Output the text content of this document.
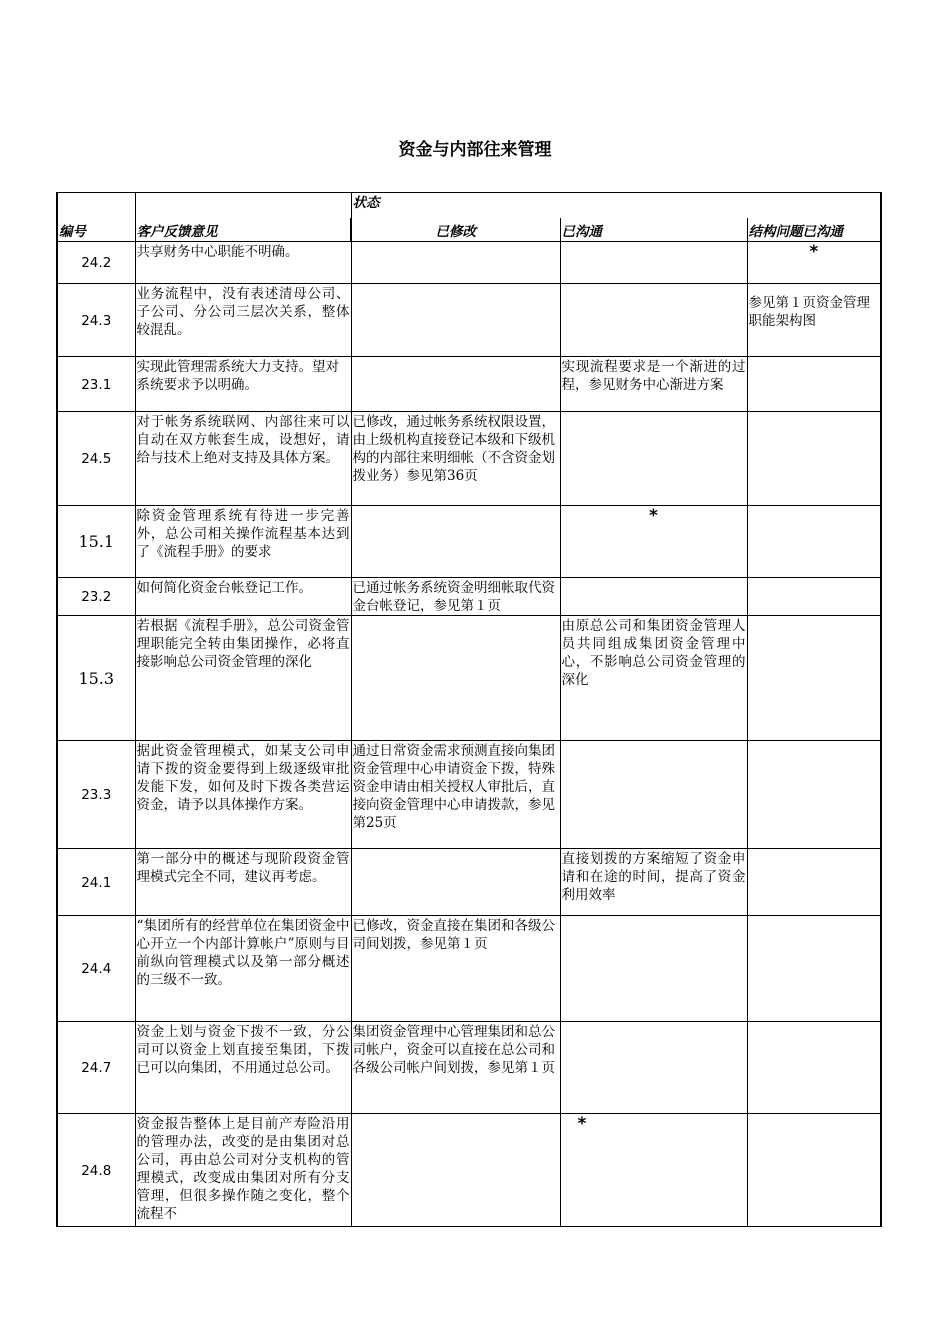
资金与内部往来管理
编号	客户反馈意见	状态		
		已修改	已沟通	结构问题已沟通
24.2	共享财务中心职能不明确。			*

24.3	业务流程中，没有表述清母公司、子公司、分公司三层次关系，整体较混乱。			参见第１页资金管理职能架构图
23.1	实现此管理需系统大力支持。望对系统要求予以明确。		实现流程要求是一个渐进的过程，参见财务中心渐进方案	
24.5	对于帐务系统联网、内部往来可以自动在双方帐套生成，设想好，请给与技术上绝对支持及具体方案。	已修改，通过帐务系统权限设置，由上级机构直接登记本级和下级机构的内部往来明细帐（不含资金划拨业务）参见第36页		
15.1	除资金管理系统有待进一步完善外，总公司相关操作流程基本达到了《流程手册》的要求		*	

23.2	如何简化资金台帐登记工作。	已通过帐务系统资金明细帐取代资金台帐登记，参见第１页		
15.3	若根据《流程手册》，总公司资金管理职能完全转由集团操作，必将直接影响总公司资金管理的深化		由原总公司和集团资金管理人员共同组成集团资金管理中心，不影响总公司资金管理的深化	
23.3	据此资金管理模式，如某支公司申请下拨的资金要得到上级逐级审批发能下发，如何及时下拨各类营运资金，请予以具体操作方案。	通过日常资金需求预测直接向集团资金管理中心申请资金下拨，特殊资金申请由相关授权人审批后，直接向资金管理中心申请拨款，参见第25页		
24.1	第一部分中的概述与现阶段资金管理模式完全不同，建议再考虑。		直接划拨的方案缩短了资金申请和在途的时间，提高了资金利用效率	
24.4	“集团所有的经营单位在集团资金中心开立一个内部计算帐户”原则与目前纵向管理模式以及第一部分概述的三级不一致。	已修改，资金直接在集团和各级公司间划拨，参见第１页		
24.7	资金上划与资金下拨不一致，分公司可以资金上划直接至集团，下拨已可以向集团，不用通过总公司。	集团资金管理中心管理集团和总公司帐户，资金可以直接在总公司和各级公司帐户间划拨，参见第１页		
24.8	资金报告整体上是目前产寿险沿用的管理办法，改变的是由集团对总公司，再由总公司对分支机构的管理模式，改变成由集团对所有分支管理，但很多操作随之变化，整个流程不		*	
